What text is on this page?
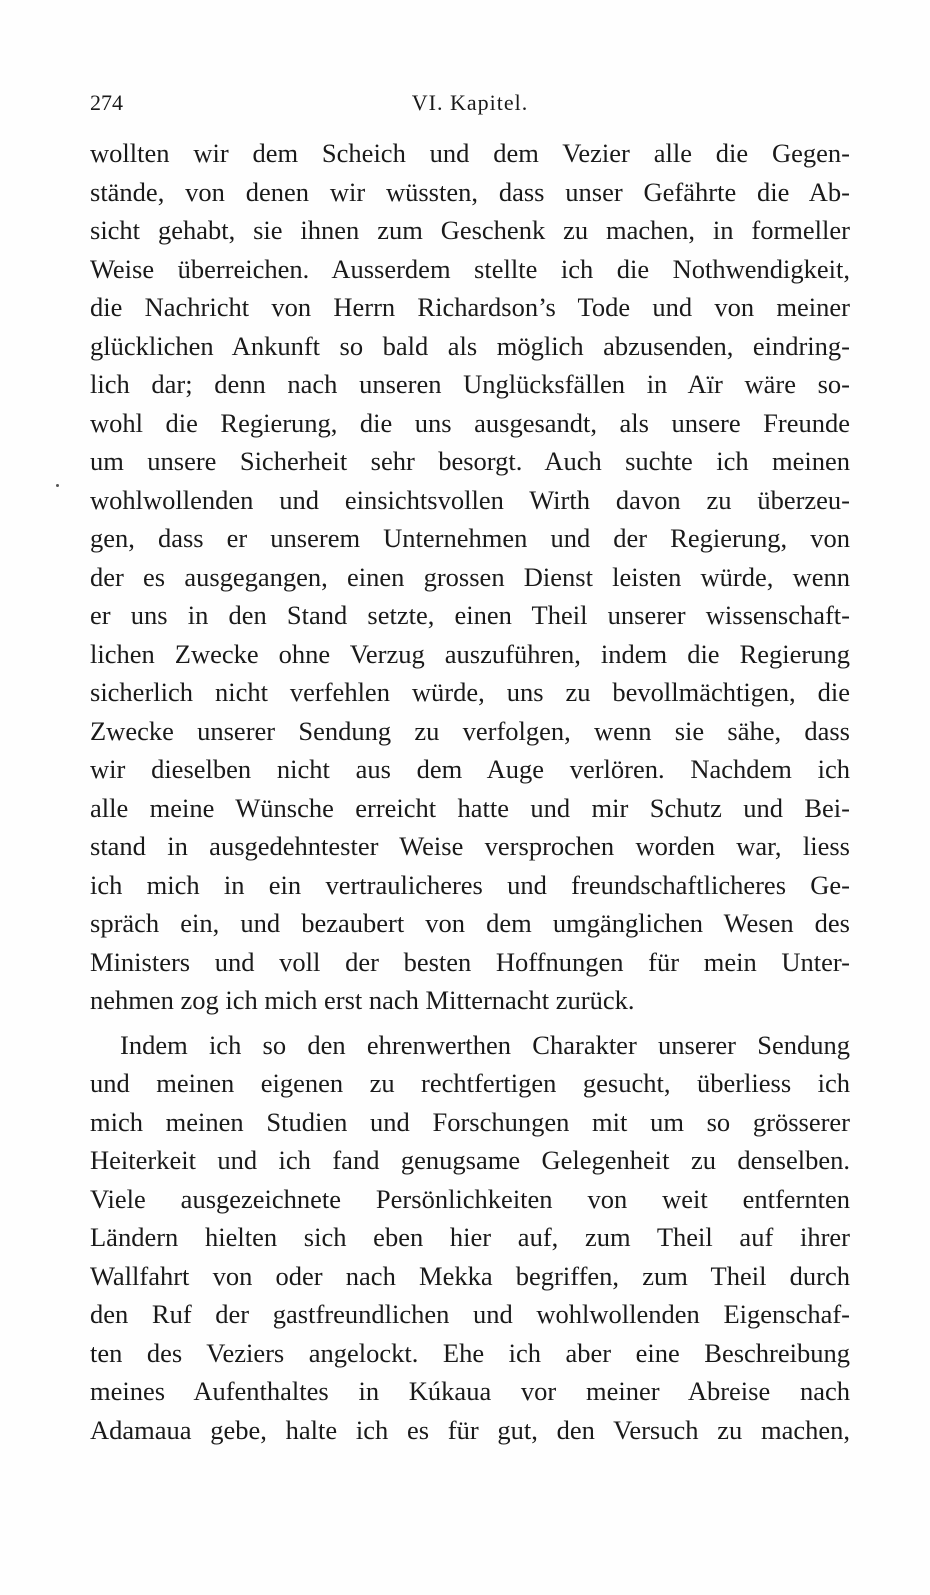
274	VI. Kapitel.
wollten wir dem Scheich und dem Vezier alle die Gegen-
stände, von denen wir wüssten, dass unser Gefährte die Ab-
sicht gehabt, sie ihnen zum Geschenk zu machen, in formeller
Weise überreichen. Ausserdem stellte ich die Nothwendigkeit,
die Nachricht von Herrn Richardson’s Tode und von meiner
glücklichen Ankunft so bald als möglich abzusenden, eindring-
lich dar; denn nach unseren Unglücksfällen in Aïr wäre so-
wohl die Regierung, die uns ausgesandt, als unsere Freunde
um unsere Sicherheit sehr besorgt. Auch suchte ich meinen
wohlwollenden und einsichtsvollen Wirth davon zu überzeu-
gen, dass er unserem Unternehmen und der Regierung, von
der es ausgegangen, einen grossen Dienst leisten würde, wenn
er uns in den Stand setzte, einen Theil unserer wissenschaft-
lichen Zwecke ohne Verzug auszuführen, indem die Regierung
sicherlich nicht verfehlen würde, uns zu bevollmächtigen, die
Zwecke unserer Sendung zu verfolgen, wenn sie sähe, dass
wir dieselben nicht aus dem Auge verlören. Nachdem ich
alle meine Wünsche erreicht hatte und mir Schutz und Bei-
stand in ausgedehntester Weise versprochen worden war, liess
ich mich in ein vertraulicheres und freundschaftlicheres Ge-
spräch ein, und bezaubert von dem umgänglichen Wesen des
Ministers und voll der besten Hoffnungen für mein Unter-
nehmen zog ich mich erst nach Mitternacht zurück.
Indem ich so den ehrenwerthen Charakter unserer Sendung
und meinen eigenen zu rechtfertigen gesucht, überliess ich
mich meinen Studien und Forschungen mit um so grösserer
Heiterkeit und ich fand genugsame Gelegenheit zu denselben.
Viele ausgezeichnete Persönlichkeiten von weit entfernten
Ländern hielten sich eben hier auf, zum Theil auf ihrer
Wallfahrt von oder nach Mekka begriffen, zum Theil durch
den Ruf der gastfreundlichen und wohlwollenden Eigenschaf-
ten des Veziers angelockt. Ehe ich aber eine Beschreibung
meines Aufenthaltes in Kúkaua vor meiner Abreise nach
Adamaua gebe, halte ich es für gut, den Versuch zu machen,
